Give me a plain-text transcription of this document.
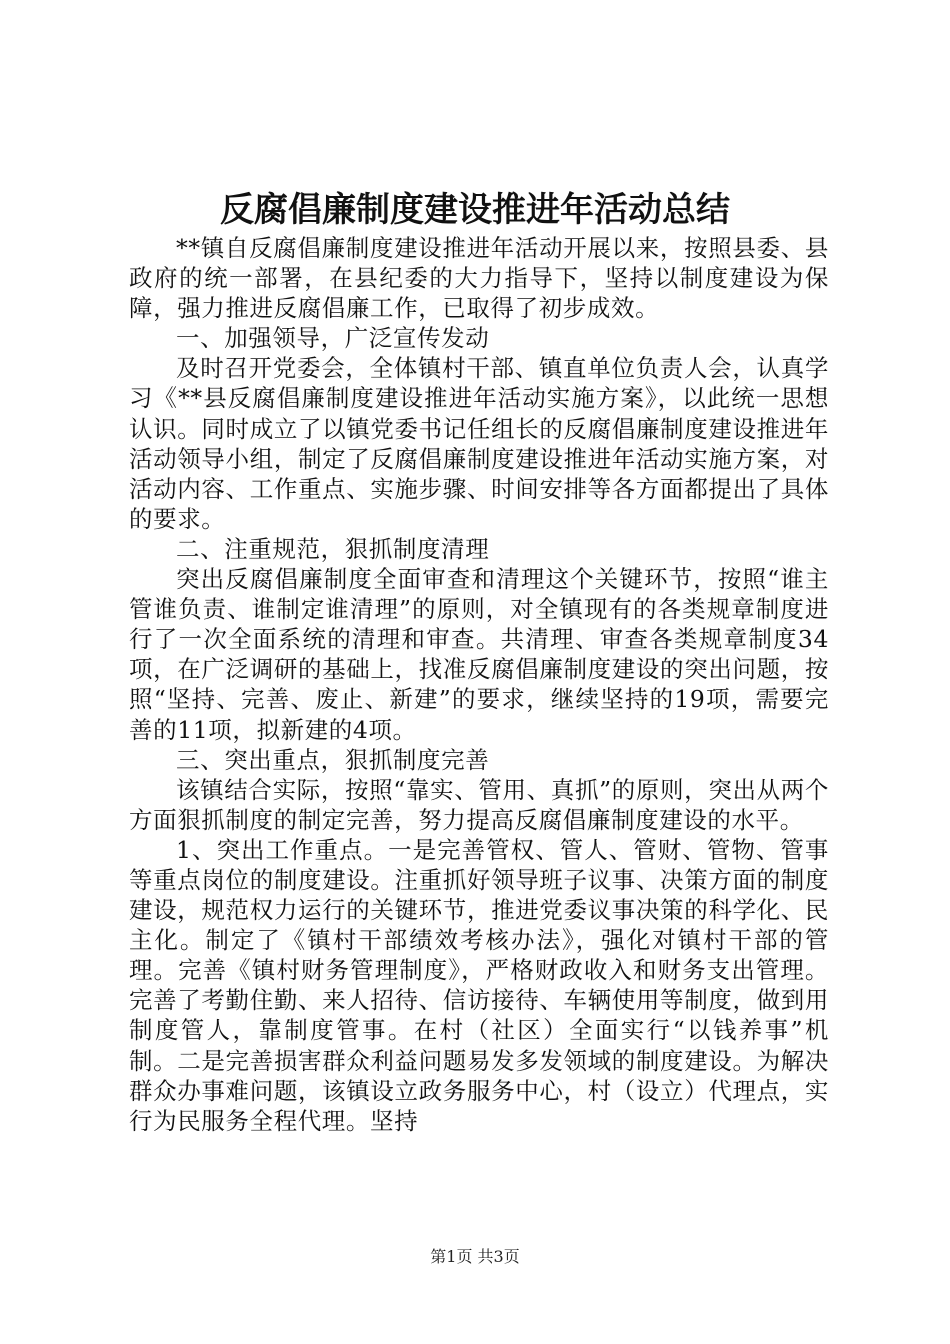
反腐倡廉制度建设推进年活动总结

**镇自反腐倡廉制度建设推进年活动开展以来，按照县委、县政府的统一部署，在县纪委的大力指导下，坚持以制度建设为保障，强力推进反腐倡廉工作，已取得了初步成效。

一、加强领导，广泛宣传发动

及时召开党委会，全体镇村干部、镇直单位负责人会，认真学习《**县反腐倡廉制度建设推进年活动实施方案》，以此统一思想认识。同时成立了以镇党委书记任组长的反腐倡廉制度建设推进年活动领导小组，制定了反腐倡廉制度建设推进年活动实施方案，对活动内容、工作重点、实施步骤、时间安排等各方面都提出了具体的要求。

二、注重规范，狠抓制度清理

突出反腐倡廉制度全面审查和清理这个关键环节，按照“谁主管谁负责、谁制定谁清理”的原则，对全镇现有的各类规章制度进行了一次全面系统的清理和审查。共清理、审查各类规章制度34项，在广泛调研的基础上，找准反腐倡廉制度建设的突出问题，按照“坚持、完善、废止、新建”的要求，继续坚持的19项，需要完善的11项，拟新建的4项。

三、突出重点，狠抓制度完善

该镇结合实际，按照“靠实、管用、真抓”的原则，突出从两个方面狠抓制度的制定完善，努力提高反腐倡廉制度建设的水平。

1、突出工作重点。一是完善管权、管人、管财、管物、管事等重点岗位的制度建设。注重抓好领导班子议事、决策方面的制度建设，规范权力运行的关键环节，推进党委议事决策的科学化、民主化。制定了《镇村干部绩效考核办法》，强化对镇村干部的管理。完善《镇村财务管理制度》，严格财政收入和财务支出管理。完善了考勤住勤、来人招待、信访接待、车辆使用等制度，做到用制度管人，靠制度管事。在村（社区）全面实行“以钱养事”机制。二是完善损害群众利益问题易发多发领域的制度建设。为解决群众办事难问题，该镇设立政务服务中心，村（设立）代理点，实行为民服务全程代理。坚持

第1页 共3页
